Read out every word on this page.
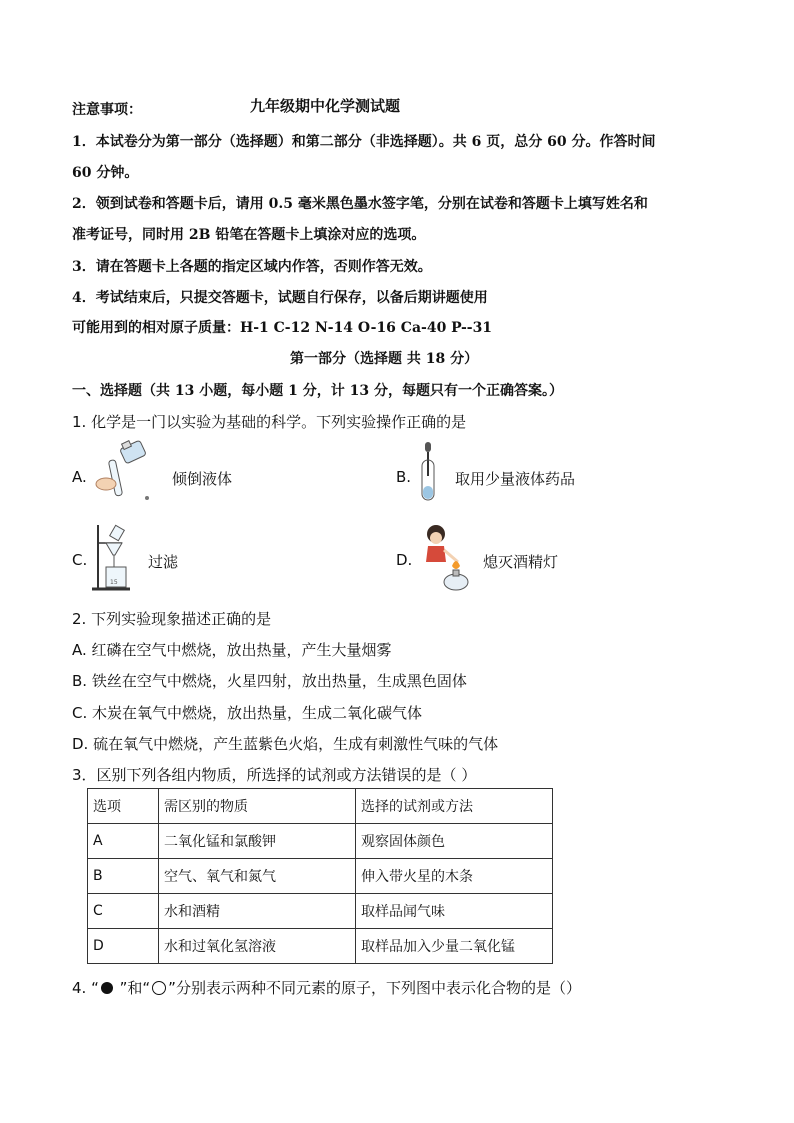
九年级期中化学测试题
注意事项：
1．本试卷分为第一部分（选择题）和第二部分（非选择题）。共 6 页，总分 60 分。作答时间
60 分钟。
2．领到试卷和答题卡后，请用 0.5 毫米黑色墨水签字笔，分别在试卷和答题卡上填写姓名和
准考证号，同时用 2B 铅笔在答题卡上填涂对应的选项。
3．请在答题卡上各题的指定区域内作答，否则作答无效。
4．考试结束后，只提交答题卡，试题自行保存，以备后期讲题使用
可能用到的相对原子质量：H-1 C-12 N-14 O-16 Ca-40 P--31
第一部分（选择题 共 18 分）
一、选择题（共 13 小题，每小题 1 分，计 13 分，每题只有一个正确答案。）
1. 化学是一门以实验为基础的科学。下列实验操作正确的是
A.	倾倒液体	B.	取用少量液体药品
C.
15
过滤	D.	熄灭酒精灯
2. 下列实验现象描述正确的是
A. 红磷在空气中燃烧，放出热量，产生大量烟雾
B. 铁丝在空气中燃烧，火星四射，放出热量，生成黑色固体
C. 木炭在氧气中燃烧，放出热量，生成二氧化碳气体
D. 硫在氧气中燃烧，产生蓝紫色火焰，生成有刺激性气味的气体
3．区别下列各组内物质，所选择的试剂或方法错误的是（ ）
选项	需区别的物质	选择的试剂或方法
A	二氧化锰和氯酸钾	观察固体颜色
B	空气、氧气和氮气	伸入带火星的木条
C	水和酒精	取样品闻气味
D	水和过氧化氢溶液	取样品加入少量二氧化锰
4. “ ”和“ ”分别表示两种不同元素的原子，下列图中表示化合物的是（）
